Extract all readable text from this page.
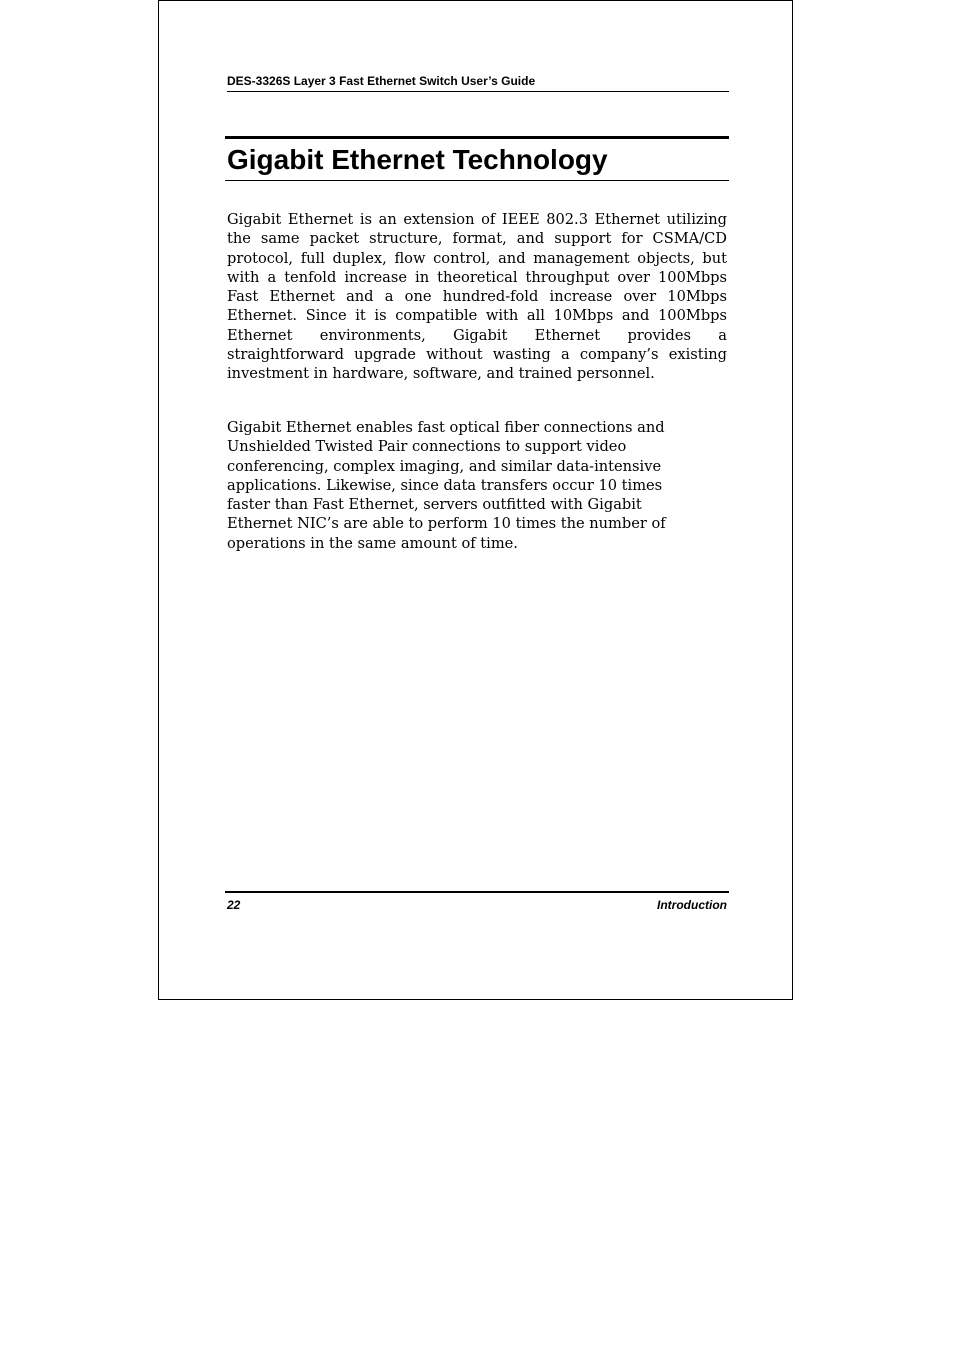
DES-3326S Layer 3 Fast Ethernet Switch User’s Guide
Gigabit Ethernet Technology

Gigabit Ethernet is an extension of IEEE 802.3 Ethernet utilizing the same packet structure, format, and support for CSMA/CD protocol, full duplex, flow control, and management objects, but with a tenfold increase in theoretical throughput over 100Mbps Fast Ethernet and a one hundred-fold increase over 10Mbps Ethernet. Since it is compatible with all 10Mbps and 100Mbps Ethernet environments, Gigabit Ethernet provides a straightforward upgrade without wasting a company’s existing investment in hardware, software, and trained personnel.

Gigabit Ethernet enables fast optical fiber connections and Unshielded Twisted Pair connections to support video conferencing, complex imaging, and similar data-intensive applications. Likewise, since data transfers occur 10 times faster than Fast Ethernet, servers outfitted with Gigabit Ethernet NIC’s are able to perform 10 times the number of operations in the same amount of time.

22	Introduction
